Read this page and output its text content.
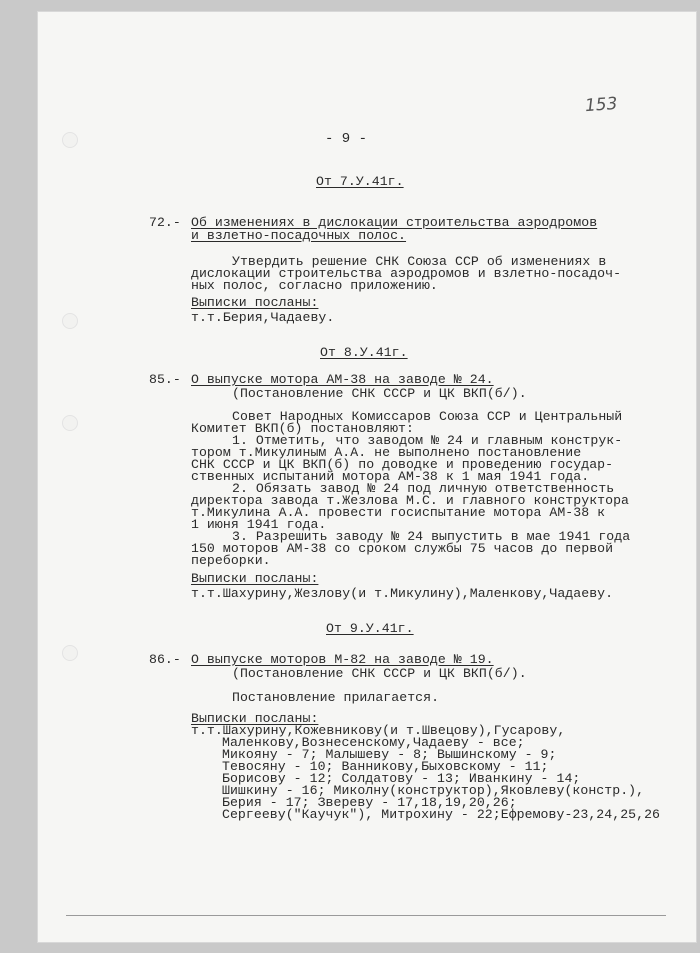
153
- 9 -
От 7.У.41г.
72.- Об изменениях в дислокации строительства аэродромов
и взлетно-посадочных полос.
Утвердить решение СНК Союза ССР об изменениях в
дислокации строительства аэродромов и взлетно-посадоч-
ных полос, согласно приложению.
Выписки посланы:
т.т.Берия,Чадаеву.
От 8.У.41г.
85.- О выпуске мотора АМ-38 на заводе № 24.
(Постановление СНК СССР и ЦК ВКП(б/).
Совет Народных Комиссаров Союза ССР и Центральный
Комитет ВКП(б) постановляют:
1. Отметить, что заводом № 24 и главным конструк-
тором т.Микулиным А.А. не выполнено постановление
СНК СССР и ЦК ВКП(б) по доводке и проведению государ-
ственных испытаний мотора АМ-38 к 1 мая 1941 года.
2. Обязать завод № 24 под личную ответственность
директора завода т.Жезлова М.С. и главного конструктора
т.Микулина А.А. провести госиспытание мотора АМ-38 к
1 июня 1941 года.
3. Разрешить заводу № 24 выпустить в мае 1941 года
150 моторов АМ-38 со сроком службы 75 часов до первой
переборки.
Выписки посланы:
т.т.Шахурину,Жезлову(и т.Микулину),Маленкову,Чадаеву.
От 9.У.41г.
86.- О выпуске моторов М-82 на заводе № 19.
(Постановление СНК СССР и ЦК ВКП(б/).
Постановление прилагается.
Выписки посланы:
т.т.Шахурину,Кожевникову(и т.Швецову),Гусарову,
Маленкову,Вознесенскому,Чадаеву - все;
Микояну - 7; Малышеву - 8; Вышинскому - 9;
Тевосяну - 10; Ванникову,Быховскому - 11;
Борисову - 12; Солдатову - 13; Иванкину - 14;
Шишкину - 16; Миколну(конструктор),Яковлеву(констр.),
Берия - 17; Звереву - 17,18,19,20,26;
Сергееву("Каучук"), Митрохину - 22;Ефремову-23,24,25,26
